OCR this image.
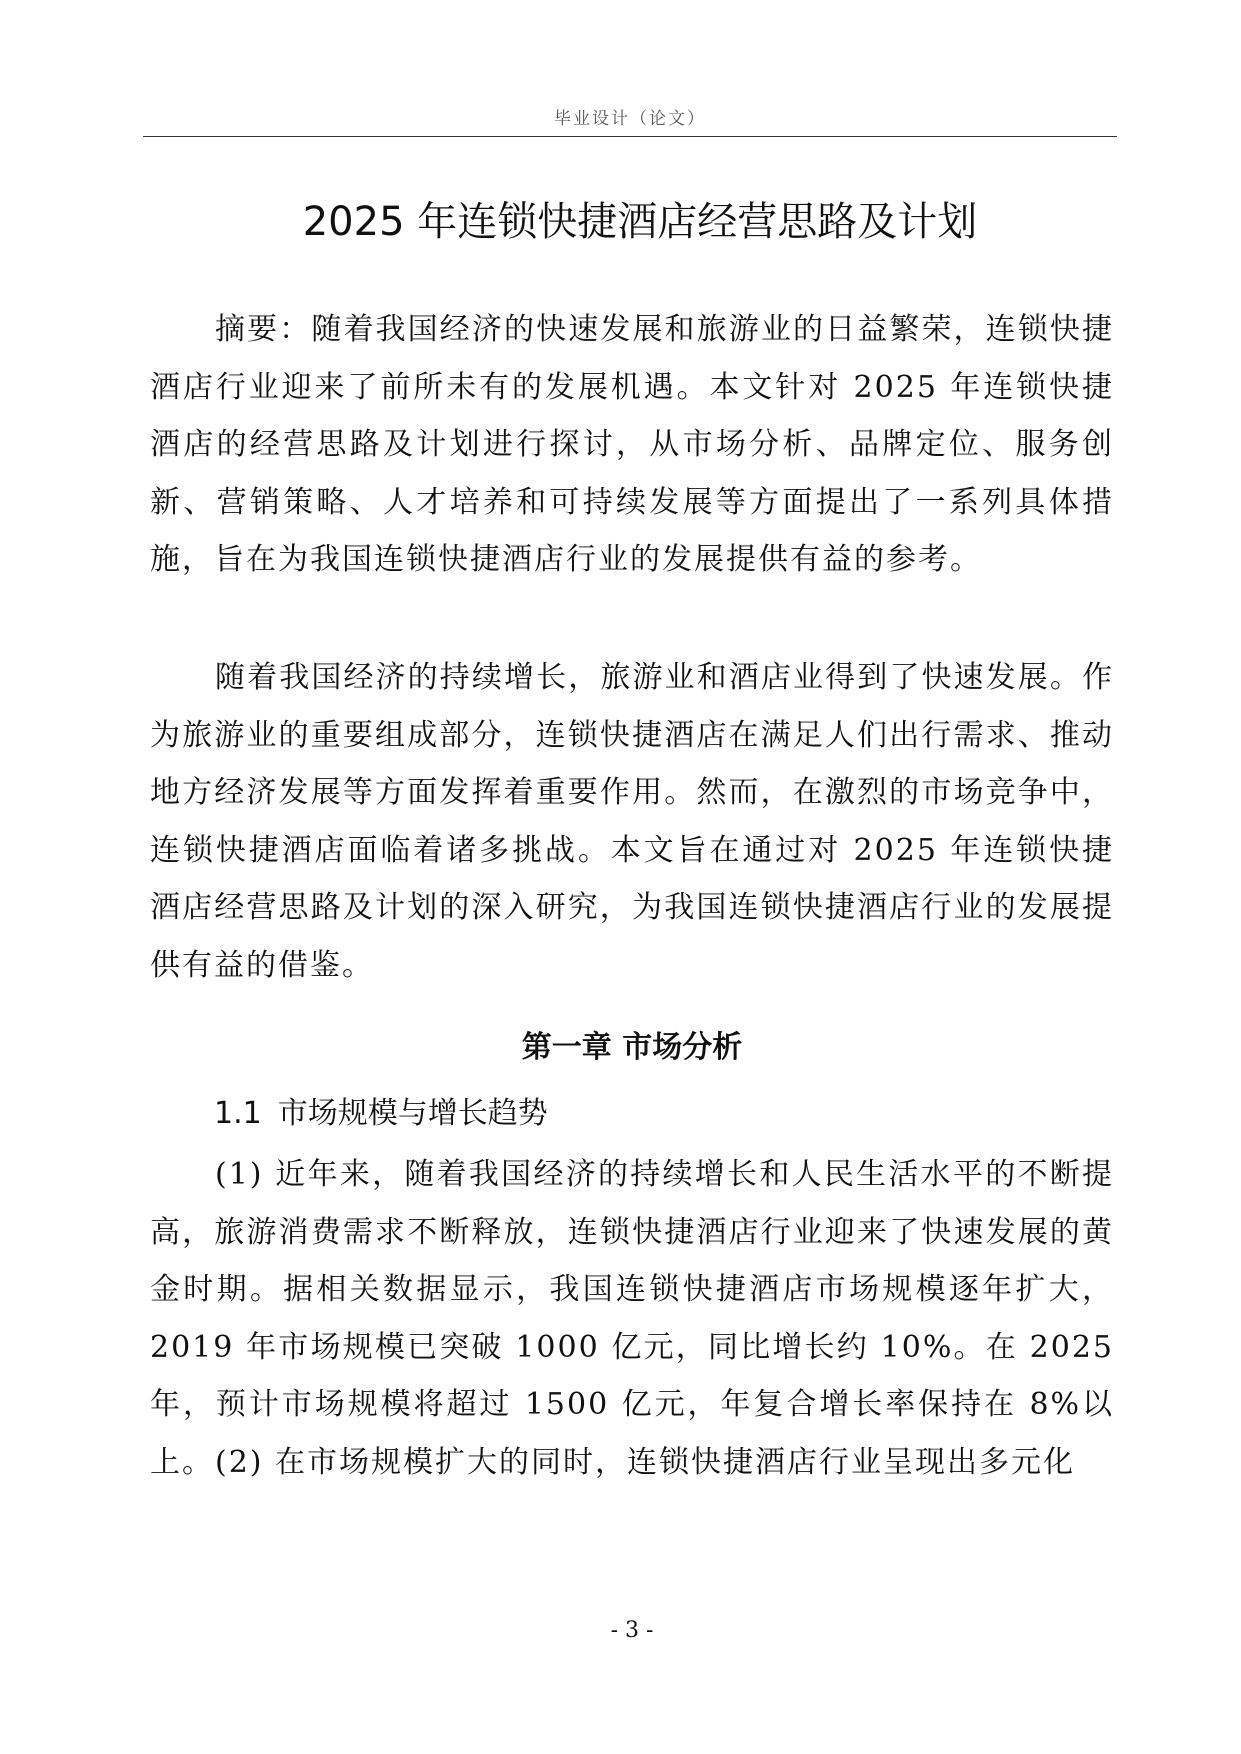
毕业设计（论文）
2025 年连锁快捷酒店经营思路及计划

摘要：随着我国经济的快速发展和旅游业的日益繁荣，连锁快捷酒店行业迎来了前所未有的发展机遇。本文针对 2025 年连锁快捷酒店的经营思路及计划进行探讨，从市场分析、品牌定位、服务创新、营销策略、人才培养和可持续发展等方面提出了一系列具体措施，旨在为我国连锁快捷酒店行业的发展提供有益的参考。

随着我国经济的持续增长，旅游业和酒店业得到了快速发展。作为旅游业的重要组成部分，连锁快捷酒店在满足人们出行需求、推动地方经济发展等方面发挥着重要作用。然而，在激烈的市场竞争中，连锁快捷酒店面临着诸多挑战。本文旨在通过对 2025 年连锁快捷酒店经营思路及计划的深入研究，为我国连锁快捷酒店行业的发展提供有益的借鉴。

第一章 市场分析
1.1 市场规模与增长趋势

(1) 近年来，随着我国经济的持续增长和人民生活水平的不断提高，旅游消费需求不断释放，连锁快捷酒店行业迎来了快速发展的黄金时期。据相关数据显示，我国连锁快捷酒店市场规模逐年扩大，2019 年市场规模已突破 1000 亿元，同比增长约 10%。在 2025 年，预计市场规模将超过 1500 亿元，年复合增长率保持在 8%以上。 (2) 在市场规模扩大的同时，连锁快捷酒店行业呈现出多元化

- 3 -
